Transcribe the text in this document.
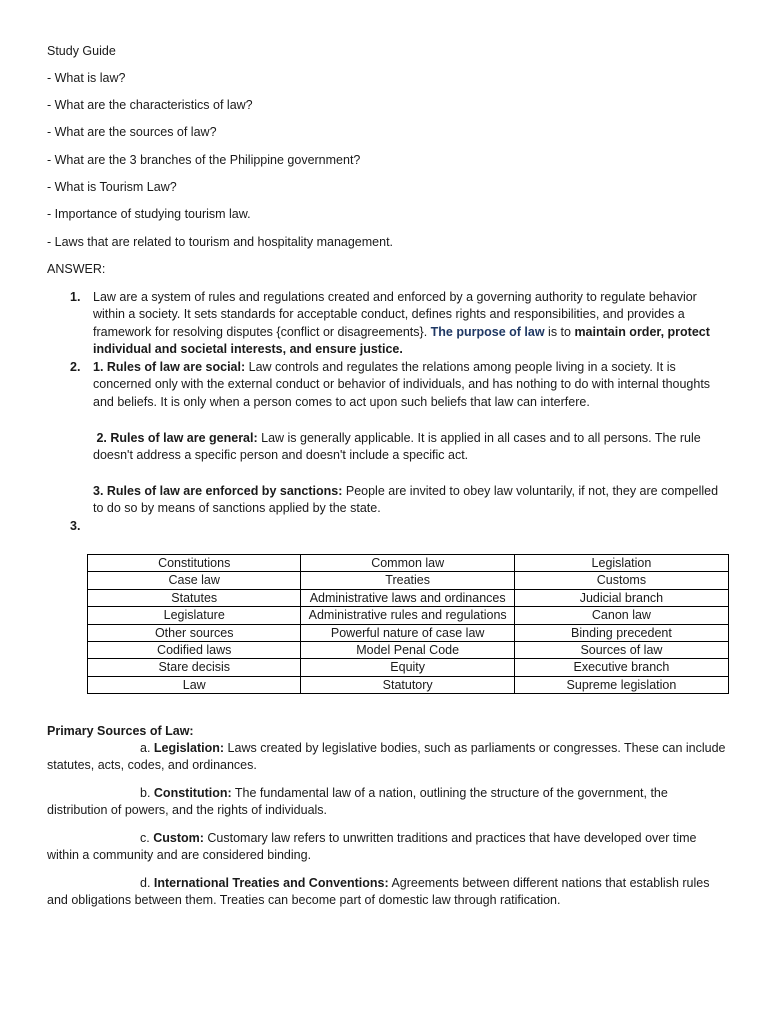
Study Guide
- What is law?
- What are the characteristics of law?
- What are the sources of law?
- What are the 3 branches of the Philippine government?
- What is Tourism Law?
- Importance of studying tourism law.
- Laws that are related to tourism and hospitality management.
ANSWER:
1. Law are a system of rules and regulations created and enforced by a governing authority to regulate behavior within a society. It sets standards for acceptable conduct, defines rights and responsibilities, and provides a framework for resolving disputes {conflict or disagreements}. The purpose of law is to maintain order, protect individual and societal interests, and ensure justice.

2. 1. Rules of law are social: Law controls and regulates the relations among people living in a society. It is concerned only with the external conduct or behavior of individuals, and has nothing to do with internal thoughts and beliefs. It is only when a person comes to act upon such beliefs that law can interfere.

2. Rules of law are general: Law is generally applicable. It is applied in all cases and to all persons. The rule doesn't address a specific person and doesn't include a specific act.

3. Rules of law are enforced by sanctions: People are invited to obey law voluntarily, if not, they are compelled to do so by means of sanctions applied by the state.

3.
Constitutions	Common law	Legislation
Case law	Treaties	Customs
Statutes	Administrative laws and ordinances	Judicial branch
Legislature	Administrative rules and regulations	Canon law
Other sources	Powerful nature of case law	Binding precedent
Codified laws	Model Penal Code	Sources of law
Stare decisis	Equity	Executive branch
Law	Statutory	Supreme legislation
Primary Sources of Law:

a. Legislation: Laws created by legislative bodies, such as parliaments or congresses. These can include statutes, acts, codes, and ordinances.

b. Constitution: The fundamental law of a nation, outlining the structure of the government, the distribution of powers, and the rights of individuals.

c. Custom: Customary law refers to unwritten traditions and practices that have developed over time within a community and are considered binding.

d. International Treaties and Conventions: Agreements between different nations that establish rules and obligations between them. Treaties can become part of domestic law through ratification.
